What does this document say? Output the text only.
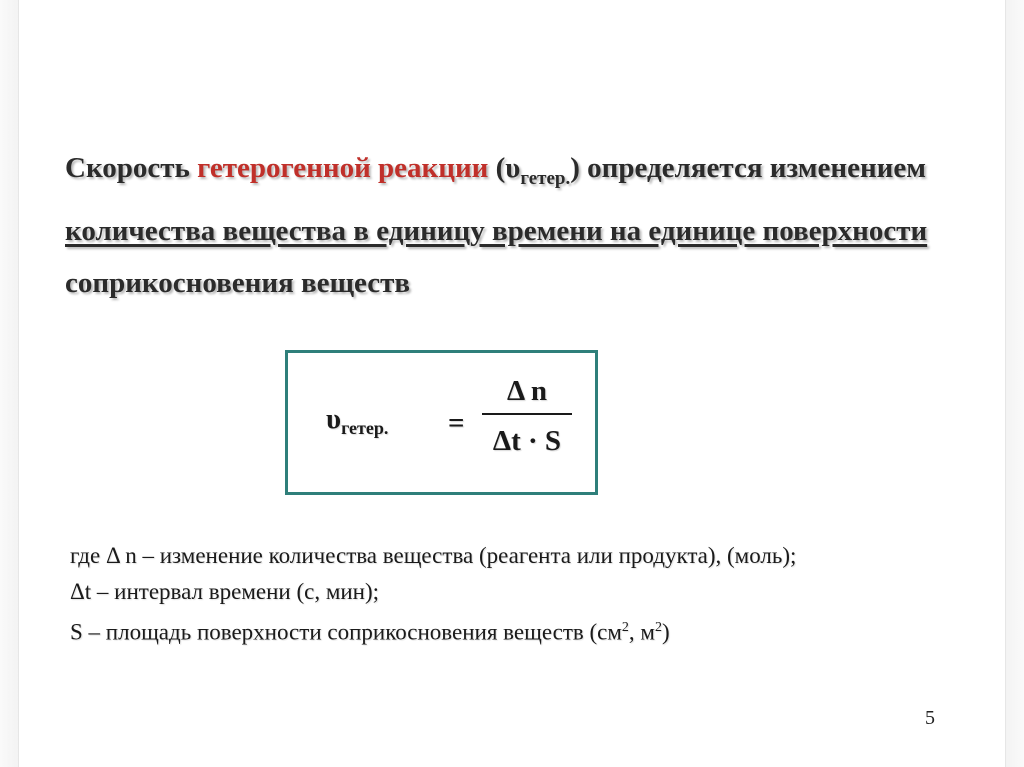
Скорость гетерогенной реакции $(\upsilon_{гетер.})$ определяется изменением количества вещества в единицу времени на единице поверхности соприкосновения веществ

$\upsilon_{гетер.}$ =
Δ n
Δt · S
где Δ n – изменение количества вещества (реагента или продукта), (моль);
Δt – интервал времени (с, мин);
S – площадь поверхности соприкосновения веществ ($см^2$, $м^2$)
5
